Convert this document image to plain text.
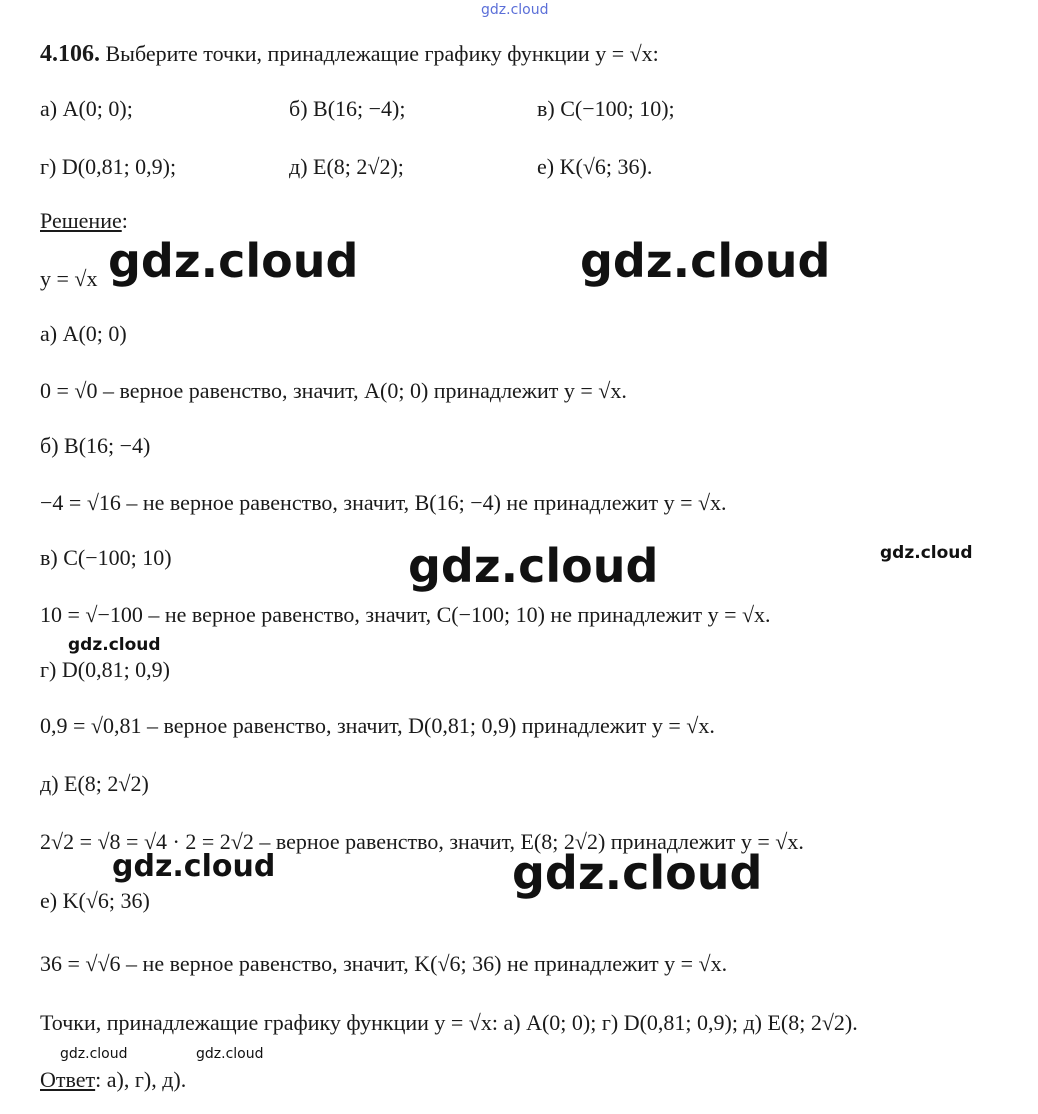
gdz.cloud
4.106. Выберите точки, принадлежащие графику функции y = √x:
а) A(0; 0);	б) B(16; −4);	в) C(−100; 10);
г) D(0,81; 0,9);	д) E(8; 2√2);	е) K(√6; 36).
Решение:
y = √x
а) A(0; 0)
0 = √0 – верное равенство, значит, A(0; 0) принадлежит y = √x.
б) B(16; −4)
−4 = √16 – не верное равенство, значит, B(16; −4) не принадлежит y = √x.
в) C(−100; 10)
10 = √−100 – не верное равенство, значит, C(−100; 10) не принадлежит y = √x.
г) D(0,81; 0,9)
0,9 = √0,81 – верное равенство, значит, D(0,81; 0,9) принадлежит y = √x.
д) E(8; 2√2)
2√2 = √8 = √4 · 2 = 2√2 – верное равенство, значит, E(8; 2√2) принадлежит y = √x.
е) K(√6; 36)
36 = √√6 – не верное равенство, значит, K(√6; 36) не принадлежит y = √x.
Точки, принадлежащие графику функции y = √x: а) A(0; 0); г) D(0,81; 0,9); д) E(8; 2√2).
Ответ: а), г), д).
gdz.cloud	gdz.cloud
gdz.cloud
gdz.cloud
gdz.cloud
gdz.cloud
gdz.cloud
gdz.cloud	gdz.cloud
